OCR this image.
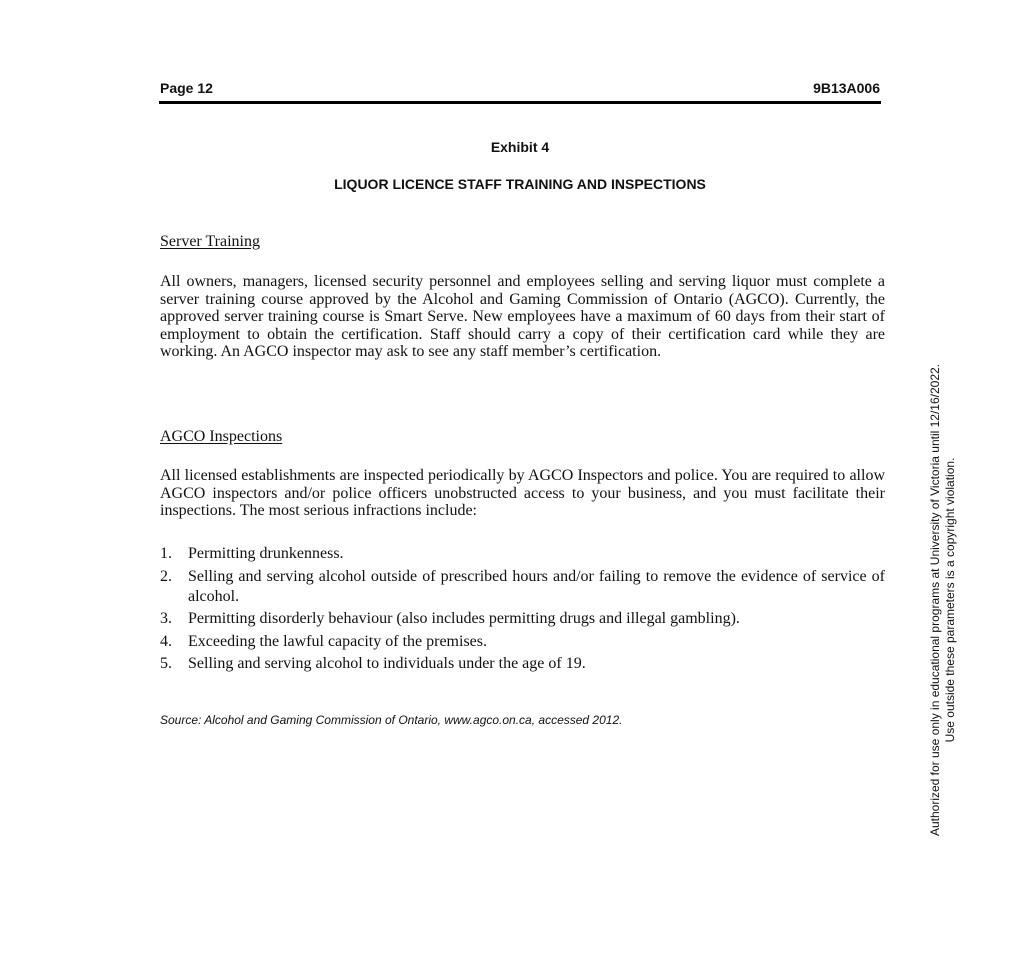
Page 12	9B13A006
Exhibit 4
LIQUOR LICENCE STAFF TRAINING AND INSPECTIONS
Server Training
All owners, managers, licensed security personnel and employees selling and serving liquor must complete a server training course approved by the Alcohol and Gaming Commission of Ontario (AGCO). Currently, the approved server training course is Smart Serve. New employees have a maximum of 60 days from their start of employment to obtain the certification. Staff should carry a copy of their certification card while they are working. An AGCO inspector may ask to see any staff member’s certification.
AGCO Inspections
All licensed establishments are inspected periodically by AGCO Inspectors and police. You are required to allow AGCO inspectors and/or police officers unobstructed access to your business, and you must facilitate their inspections. The most serious infractions include:
1. Permitting drunkenness.
2. Selling and serving alcohol outside of prescribed hours and/or failing to remove the evidence of service of alcohol.
3. Permitting disorderly behaviour (also includes permitting drugs and illegal gambling).
4. Exceeding the lawful capacity of the premises.
5. Selling and serving alcohol to individuals under the age of 19.
Source: Alcohol and Gaming Commission of Ontario, www.agco.on.ca, accessed 2012.	Authorized for use only in educational programs at University of Victoria until 12/16/2022. Use outside these parameters is a copyright violation.
